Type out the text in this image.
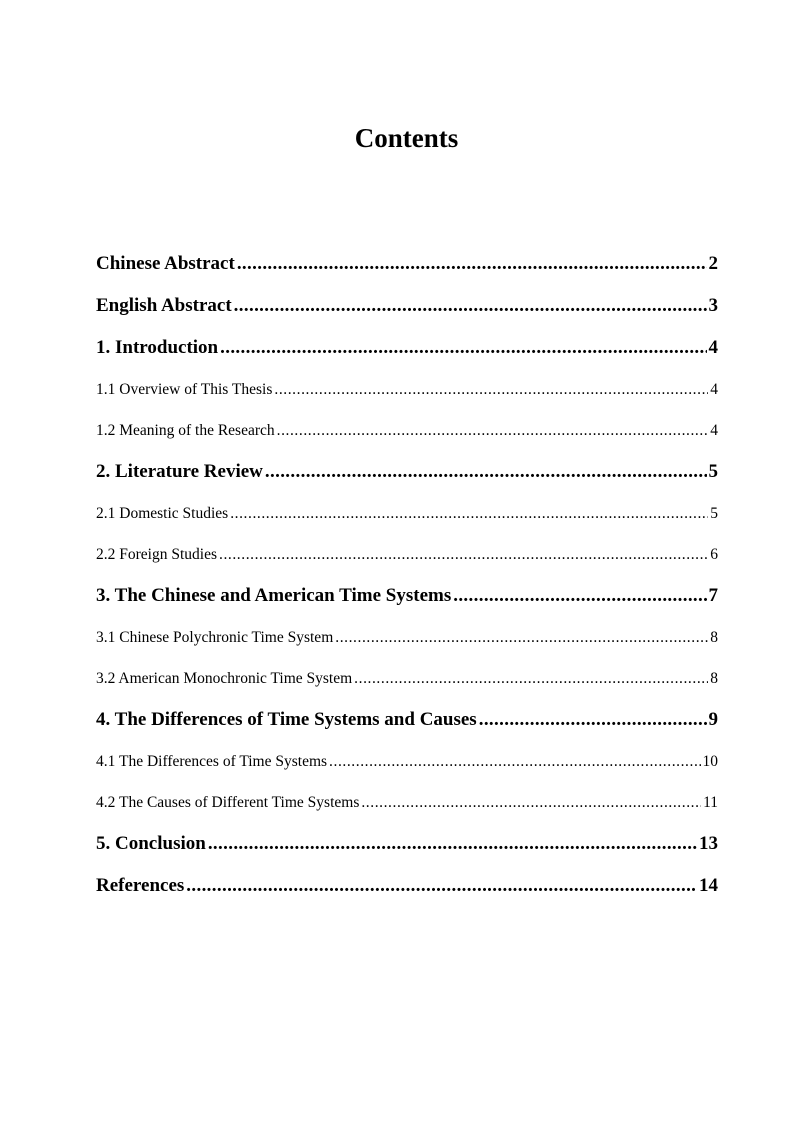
Contents
Chinese Abstract . . .	2
English Abstract . . .	3
1. Introduction . . .	4
1.1 Overview of This Thesis . . .	4
1.2 Meaning of the Research . . .	4
2. Literature Review . . .	5
2.1 Domestic Studies . . .	5
2.2 Foreign Studies . . .	6
3. The Chinese and American Time Systems . . .	7
3.1 Chinese Polychronic Time System . . .	8
3.2 American Monochronic Time System . . .	8
4. The Differences of Time Systems and Causes . . .	9
4.1 The Differences of Time Systems . . .	10
4.2 The Causes of Different Time Systems . . .	11
5. Conclusion . . .	13
References . . .	14
